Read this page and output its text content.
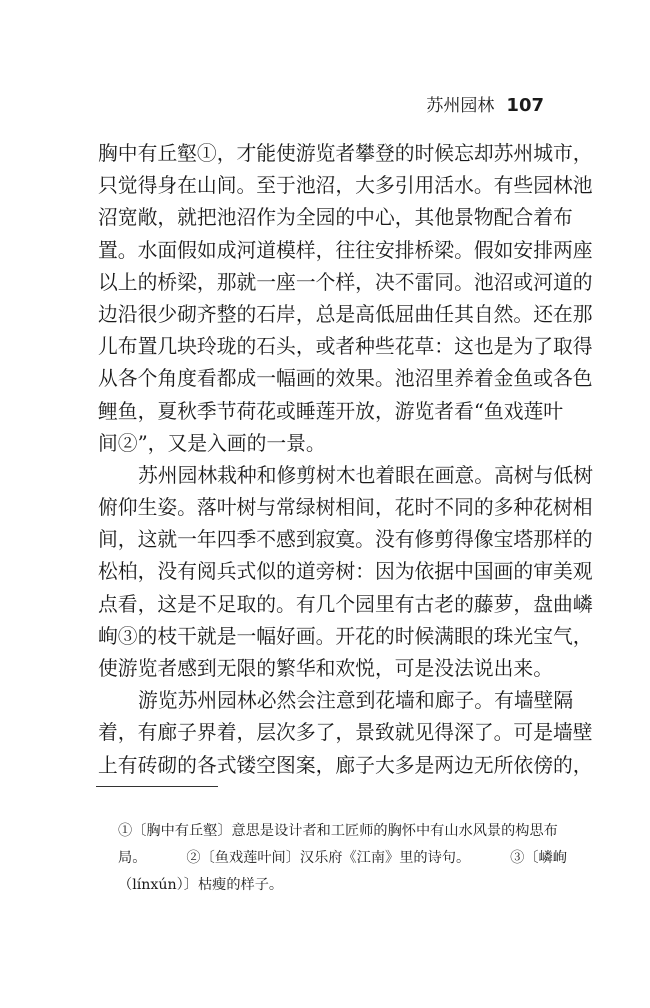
苏州园林 107
胸中有丘壑①，才能使游览者攀登的时候忘却苏州城市，
只觉得身在山间。至于池沼，大多引用活水。有些园林池
沼宽敞，就把池沼作为全园的中心，其他景物配合着布
置。水面假如成河道模样，往往安排桥梁。假如安排两座
以上的桥梁，那就一座一个样，决不雷同。池沼或河道的
边沿很少砌齐整的石岸，总是高低屈曲任其自然。还在那
儿布置几块玲珑的石头，或者种些花草：这也是为了取得
从各个角度看都成一幅画的效果。池沼里养着金鱼或各色
鲤鱼，夏秋季节荷花或睡莲开放，游览者看“鱼戏莲叶
间②”，又是入画的一景。
苏州园林栽种和修剪树木也着眼在画意。高树与低树
俯仰生姿。落叶树与常绿树相间，花时不同的多种花树相
间，这就一年四季不感到寂寞。没有修剪得像宝塔那样的
松柏，没有阅兵式似的道旁树：因为依据中国画的审美观
点看，这是不足取的。有几个园里有古老的藤萝，盘曲嶙
峋③的枝干就是一幅好画。开花的时候满眼的珠光宝气，
使游览者感到无限的繁华和欢悦，可是没法说出来。
游览苏州园林必然会注意到花墙和廊子。有墙壁隔
着，有廊子界着，层次多了，景致就见得深了。可是墙壁
上有砖砌的各式镂空图案，廊子大多是两边无所依傍的，
①〔胸中有丘壑〕意思是设计者和工匠师的胸怀中有山水风景的构思布
局。	②〔鱼戏莲叶间〕汉乐府《江南》里的诗句。	③〔嶙峋
（línxún）〕枯瘦的样子。
